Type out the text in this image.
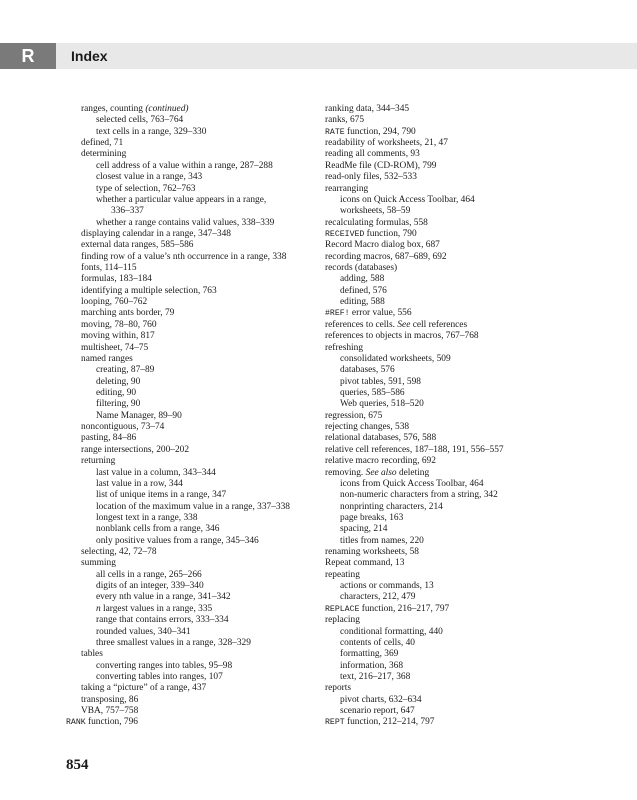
R	Index
ranges, counting (continued)
selected cells, 763–764
text cells in a range, 329–330
defined, 71
determining
cell address of a value within a range, 287–288
closest value in a range, 343
type of selection, 762–763
whether a particular value appears in a range,
336–337
whether a range contains valid values, 338–339
displaying calendar in a range, 347–348
external data ranges, 585–586
finding row of a value’s nth occurrence in a range, 338
fonts, 114–115
formulas, 183–184
identifying a multiple selection, 763
looping, 760–762
marching ants border, 79
moving, 78–80, 760
moving within, 817
multisheet, 74–75
named ranges
creating, 87–89
deleting, 90
editing, 90
filtering, 90
Name Manager, 89–90
noncontiguous, 73–74
pasting, 84–86
range intersections, 200–202
returning
last value in a column, 343–344
last value in a row, 344
list of unique items in a range, 347
location of the maximum value in a range, 337–338
longest text in a range, 338
nonblank cells from a range, 346
only positive values from a range, 345–346
selecting, 42, 72–78
summing
all cells in a range, 265–266
digits of an integer, 339–340
every nth value in a range, 341–342
n largest values in a range, 335
range that contains errors, 333–334
rounded values, 340–341
three smallest values in a range, 328–329
tables
converting ranges into tables, 95–98
converting tables into ranges, 107
taking a “picture” of a range, 437
transposing, 86
VBA, 757–758
RANK function, 796
ranking data, 344–345
ranks, 675
RATE function, 294, 790
readability of worksheets, 21, 47
reading all comments, 93
ReadMe file (CD-ROM), 799
read-only files, 532–533
rearranging
icons on Quick Access Toolbar, 464
worksheets, 58–59
recalculating formulas, 558
RECEIVED function, 790
Record Macro dialog box, 687
recording macros, 687–689, 692
records (databases)
adding, 588
defined, 576
editing, 588
#REF! error value, 556
references to cells. See cell references
references to objects in macros, 767–768
refreshing
consolidated worksheets, 509
databases, 576
pivot tables, 591, 598
queries, 585–586
Web queries, 518–520
regression, 675
rejecting changes, 538
relational databases, 576, 588
relative cell references, 187–188, 191, 556–557
relative macro recording, 692
removing. See also deleting
icons from Quick Access Toolbar, 464
non-numeric characters from a string, 342
nonprinting characters, 214
page breaks, 163
spacing, 214
titles from names, 220
renaming worksheets, 58
Repeat command, 13
repeating
actions or commands, 13
characters, 212, 479
REPLACE function, 216–217, 797
replacing
conditional formatting, 440
contents of cells, 40
formatting, 369
information, 368
text, 216–217, 368
reports
pivot charts, 632–634
scenario report, 647
REPT function, 212–214, 797
854
